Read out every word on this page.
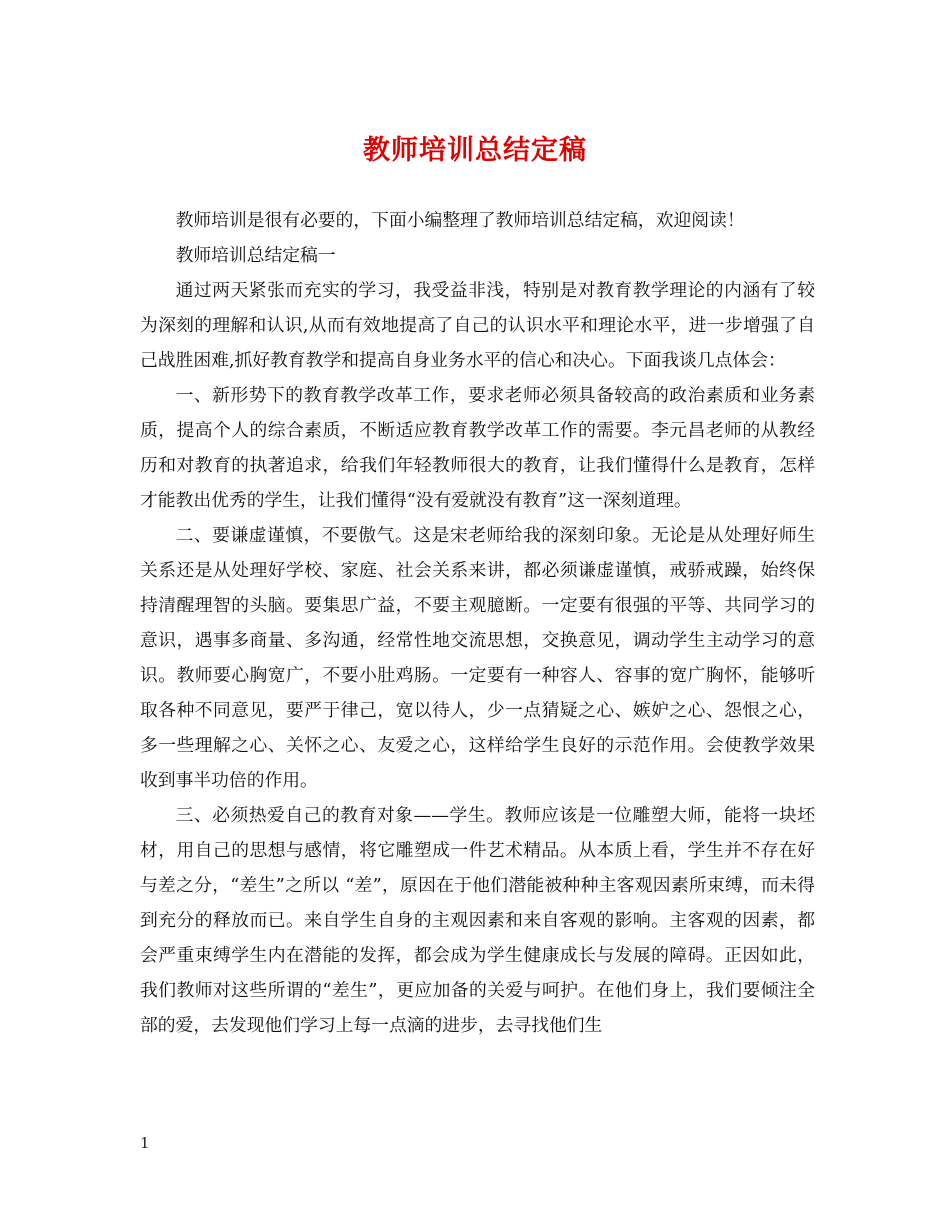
教师培训总结定稿

教师培训是很有必要的，下面小编整理了教师培训总结定稿，欢迎阅读！

教师培训总结定稿一

通过两天紧张而充实的学习，我受益非浅，特别是对教育教学理论的内涵有了较为深刻的理解和认识,从而有效地提高了自己的认识水平和理论水平，进一步增强了自己战胜困难,抓好教育教学和提高自身业务水平的信心和决心。下面我谈几点体会：

一、新形势下的教育教学改革工作，要求老师必须具备较高的政治素质和业务素质，提高个人的综合素质，不断适应教育教学改革工作的需要。李元昌老师的从教经历和对教育的执著追求，给我们年轻教师很大的教育，让我们懂得什么是教育，怎样才能教出优秀的学生，让我们懂得“没有爱就没有教育”这一深刻道理。

二、要谦虚谨慎，不要傲气。这是宋老师给我的深刻印象。无论是从处理好师生关系还是从处理好学校、家庭、社会关系来讲，都必须谦虚谨慎，戒骄戒躁，始终保持清醒理智的头脑。要集思广益，不要主观臆断。一定要有很强的平等、共同学习的意识，遇事多商量、多沟通，经常性地交流思想，交换意见，调动学生主动学习的意识。教师要心胸宽广，不要小肚鸡肠。一定要有一种容人、容事的宽广胸怀，能够听取各种不同意见，要严于律己，宽以待人，少一点猜疑之心、嫉妒之心、怨恨之心，多一些理解之心、关怀之心、友爱之心，这样给学生良好的示范作用。会使教学效果收到事半功倍的作用。

三、必须热爱自己的教育对象——学生。教师应该是一位雕塑大师，能将一块坯材，用自己的思想与感情，将它雕塑成一件艺术精品。从本质上看，学生并不存在好与差之分，“差生”之所以 “差”，原因在于他们潜能被种种主客观因素所束缚，而未得到充分的释放而已。来自学生自身的主观因素和来自客观的影响。主客观的因素，都会严重束缚学生内在潜能的发挥，都会成为学生健康成长与发展的障碍。正因如此，我们教师对这些所谓的“差生”，更应加备的关爱与呵护。在他们身上，我们要倾注全部的爱，去发现他们学习上每一点滴的进步，去寻找他们生

1
